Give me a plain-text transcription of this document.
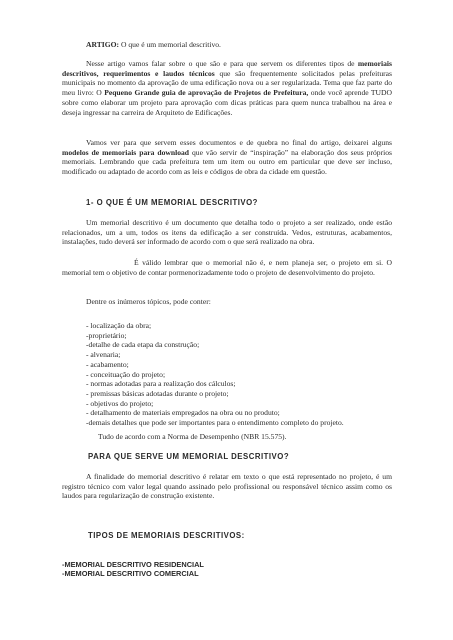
ARTIGO: O que é um memorial descritivo.

Nesse artigo vamos falar sobre o que são e para que servem os diferentes tipos de memoriais descritivos, requerimentos e laudos técnicos que são frequentemente solicitados pelas prefeituras municipais no momento da aprovação de uma edificação nova ou a ser regularizada. Tema que faz parte do meu livro: O Pequeno Grande guia de aprovação de Projetos de Prefeitura, onde você aprende TUDO sobre como elaborar um projeto para aprovação com dicas práticas para quem nunca trabalhou na área e deseja ingressar na carreira de Arquiteto de Edificações.

Vamos ver para que servem esses documentos e de quebra no final do artigo, deixarei alguns modelos de memoriais para download que vão servir de “inspiração” na elaboração dos seus próprios memoriais. Lembrando que cada prefeitura tem um item ou outro em particular que deve ser incluso, modificado ou adaptado de acordo com as leis e códigos de obra da cidade em questão.

1- O QUE É UM MEMORIAL DESCRITIVO?

Um memorial descritivo é um documento que detalha todo o projeto a ser realizado, onde estão relacionados, um a um, todos os itens da edificação a ser construída. Vedos, estruturas, acabamentos, instalações, tudo deverá ser informado de acordo com o que será realizado na obra.

É válido lembrar que o memorial não é, e nem planeja ser, o projeto em si. O memorial tem o objetivo de contar pormenorizadamente todo o projeto de desenvolvimento do projeto.

Dentre os inúmeros tópicos, pode conter:

- localização da obra;
-proprietário;
-detalhe de cada etapa da construção;
- alvenaria;
- acabamento;
- conceituação do projeto;
- normas adotadas para a realização dos cálculos;
- premissas básicas adotadas durante o projeto;
- objetivos do projeto;
- detalhamento de materiais empregados na obra ou no produto;
-demais detalhes que pode ser importantes para o entendimento completo do projeto.

Tudo de acordo com a Norma de Desempenho (NBR 15.575).

PARA QUE SERVE UM MEMORIAL DESCRITIVO?

A finalidade do memorial descritivo é relatar em texto o que está representado no projeto, é um registro técnico com valor legal quando assinado pelo profissional ou responsável técnico assim como os laudos para regularização de construção existente.

TIPOS DE MEMORIAIS DESCRITIVOS:
-MEMORIAL DESCRITIVO RESIDENCIAL
-MEMORIAL DESCRITIVO COMERCIAL
